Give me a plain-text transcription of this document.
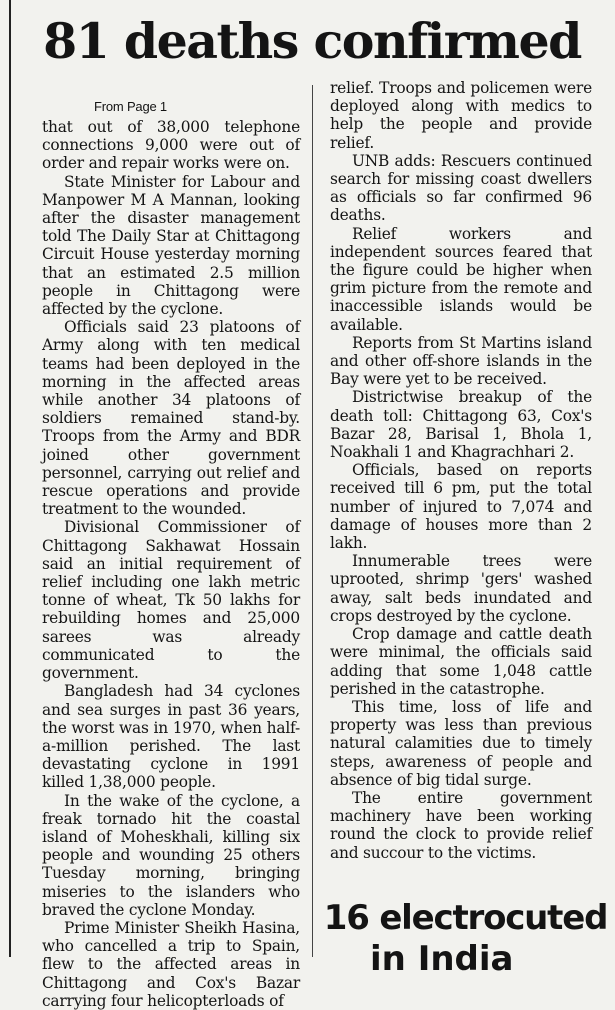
81 deaths confirmed
From Page 1

that out of 38,000 telephone connections 9,000 were out of order and repair works were on.

State Minister for Labour and Manpower M A Mannan, looking after the disaster management told The Daily Star at Chittagong Circuit House yesterday morning that an estimated 2.5 million people in Chittagong were affected by the cyclone.

Officials said 23 platoons of Army along with ten medical teams had been deployed in the morning in the affected areas while another 34 platoons of soldiers remained stand-by. Troops from the Army and BDR joined other government personnel, carrying out relief and rescue operations and provide treatment to the wounded.

Divisional Commissioner of Chittagong Sakhawat Hossain said an initial requirement of relief including one lakh metric tonne of wheat, Tk 50 lakhs for rebuilding homes and 25,000 sarees was already communicated to the government.

Bangladesh had 34 cyclones and sea surges in past 36 years, the worst was in 1970, when half-a-million perished. The last devastating cyclone in 1991 killed 1,38,000 people.

In the wake of the cyclone, a freak tornado hit the coastal island of Moheskhali, killing six people and wounding 25 others Tuesday morning, bringing miseries to the islanders who braved the cyclone Monday.

Prime Minister Sheikh Hasina, who cancelled a trip to Spain, flew to the affected areas in Chittagong and Cox's Bazar carrying four helicopterloads of

relief. Troops and policemen were deployed along with medics to help the people and provide relief.

UNB adds: Rescuers continued search for missing coast dwellers as officials so far confirmed 96 deaths.

Relief workers and independent sources feared that the figure could be higher when grim picture from the remote and inaccessible islands would be available.

Reports from St Martins island and other off-shore islands in the Bay were yet to be received.

Districtwise breakup of the death toll: Chittagong 63, Cox's Bazar 28, Barisal 1, Bhola 1, Noakhali 1 and Khagrachhari 2.

Officials, based on reports received till 6 pm, put the total number of injured to 7,074 and damage of houses more than 2 lakh.

Innumerable trees were uprooted, shrimp 'gers' washed away, salt beds inundated and crops destroyed by the cyclone.

Crop damage and cattle death were minimal, the officials said adding that some 1,048 cattle perished in the catastrophe.

This time, loss of life and property was less than previous natural calamities due to timely steps, awareness of people and absence of big tidal surge.

The entire government machinery have been working round the clock to provide relief and succour to the victims.

16 electrocuted
in India
